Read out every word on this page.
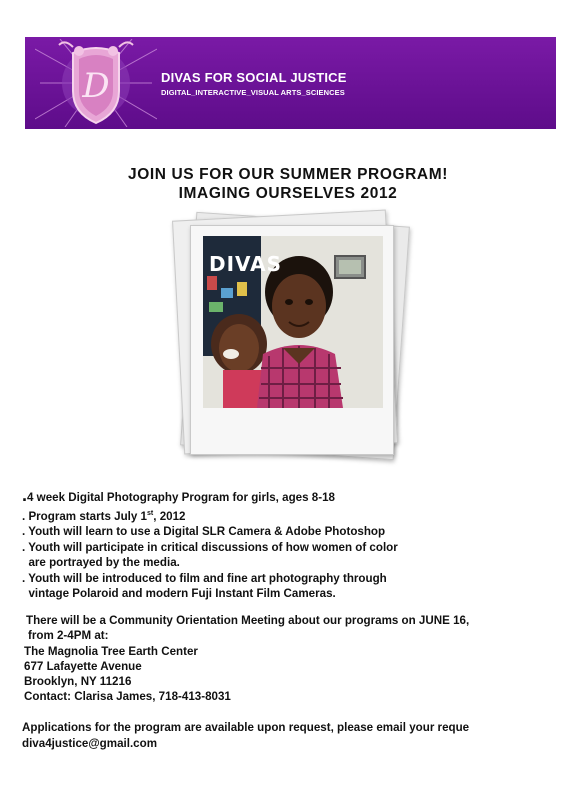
D	DIVAS FOR SOCIAL JUSTICE
DIGITAL_INTERACTIVE_VISUAL ARTS_SCIENCES
JOIN US FOR OUR SUMMER PROGRAM!
IMAGING OURSELVES 2012
DIVAS

.4 week Digital Photography Program for girls, ages 8-18

. Program starts July 1st, 2012

. Youth will learn to use a Digital SLR Camera & Adobe Photoshop

. Youth will participate in critical discussions of how women of color

are portrayed by the media.

. Youth will be introduced to film and fine art photography through

vintage Polaroid and modern Fuji Instant Film Cameras.

There will be a Community Orientation Meeting about our programs on JUNE 16,

from 2-4PM at:

The Magnolia Tree Earth Center

677 Lafayette Avenue

Brooklyn, NY 11216

Contact: Clarisa James, 718-413-8031

Applications for the program are available upon request, please email your reque

diva4justice@gmail.com
